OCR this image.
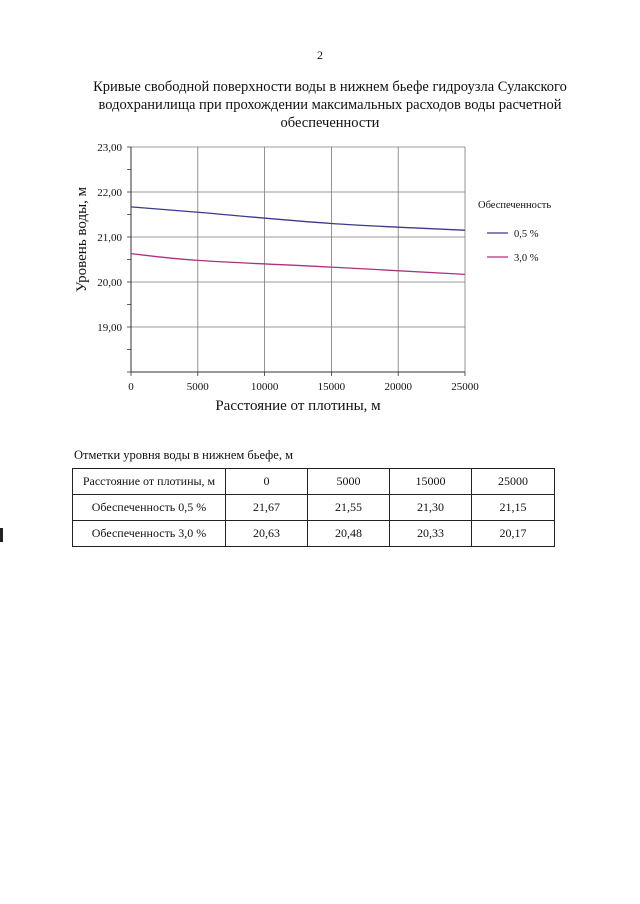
2
Кривые свободной поверхности воды в нижнем бьефе гидроузла Сулакского
водохранилища при прохождении максимальных расходов воды расчетной
обеспеченности
19,00
20,00
21,00
22,00
23,00
0	5000	10000	15000	20000	25000
Расстояние от плотины, м
Уровень воды, м	Обеспеченность
0,5 %
3,0 %
Отметки уровня воды в нижнем бьефе, м
Расстояние от плотины, м	0	5000	15000	25000
Обеспеченность 0,5 %	21,67	21,55	21,30	21,15
Обеспеченность 3,0 %	20,63	20,48	20,33	20,17
